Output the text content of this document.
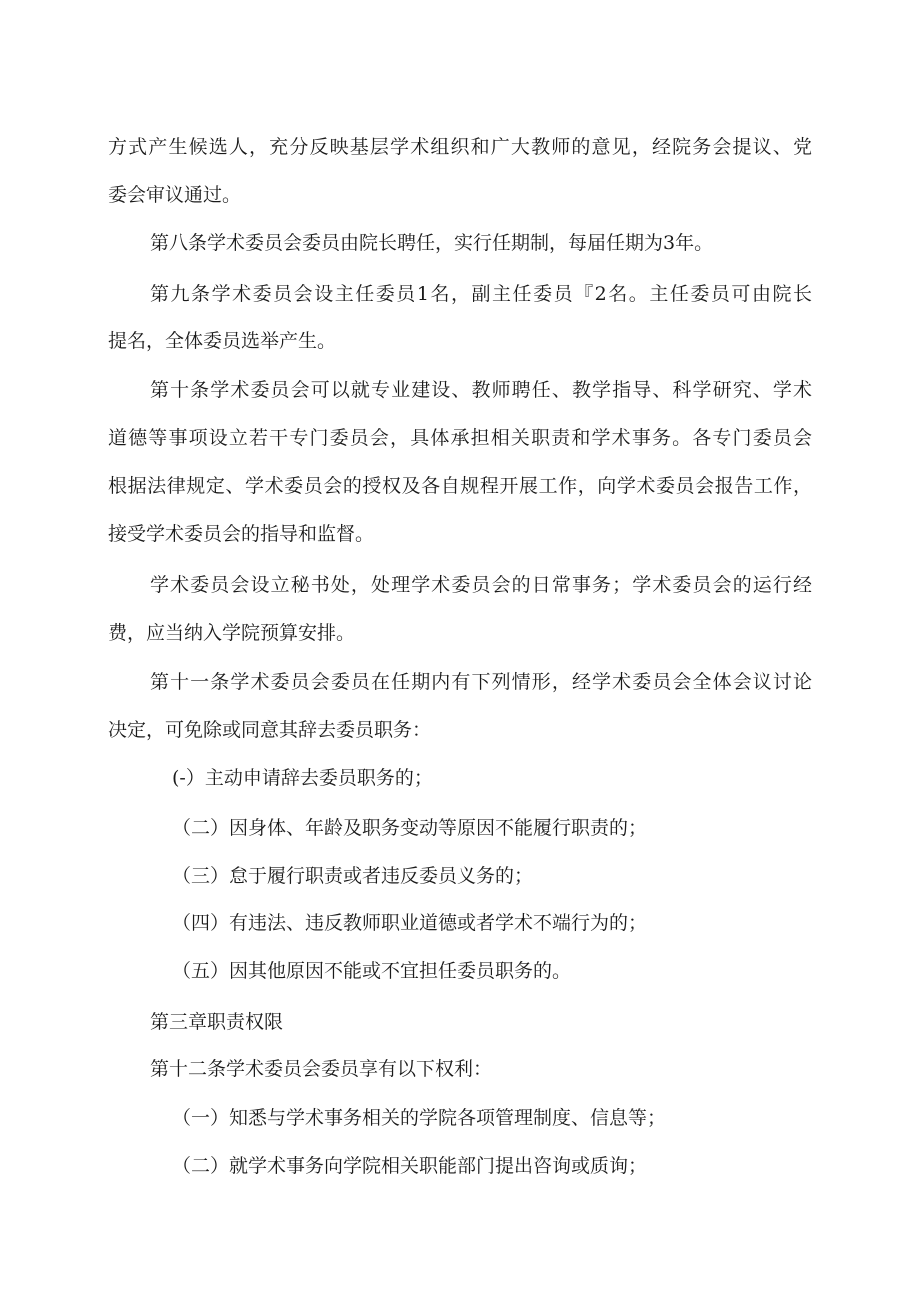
方式产生候选人，充分反映基层学术组织和广大教师的意见，经院务会提议、党
委会审议通过。
第八条学术委员会委员由院长聘任，实行任期制，每届任期为3年。
第九条学术委员会设主任委员1名，副主任委员『2名。主任委员可由院长
提名，全体委员选举产生。
第十条学术委员会可以就专业建设、教师聘任、教学指导、科学研究、学术
道德等事项设立若干专门委员会，具体承担相关职责和学术事务。各专门委员会
根据法律规定、学术委员会的授权及各自规程开展工作，向学术委员会报告工作，
接受学术委员会的指导和监督。
学术委员会设立秘书处，处理学术委员会的日常事务；学术委员会的运行经
费，应当纳入学院预算安排。
第十一条学术委员会委员在任期内有下列情形，经学术委员会全体会议讨论
决定，可免除或同意其辞去委员职务：
(-）主动申请辞去委员职务的；
（二）因身体、年龄及职务变动等原因不能履行职责的；
（三）怠于履行职责或者违反委员义务的；
（四）有违法、违反教师职业道德或者学术不端行为的；
（五）因其他原因不能或不宜担任委员职务的。
第三章职责权限
第十二条学术委员会委员享有以下权利：
（一）知悉与学术事务相关的学院各项管理制度、信息等；
（二）就学术事务向学院相关职能部门提出咨询或质询；
